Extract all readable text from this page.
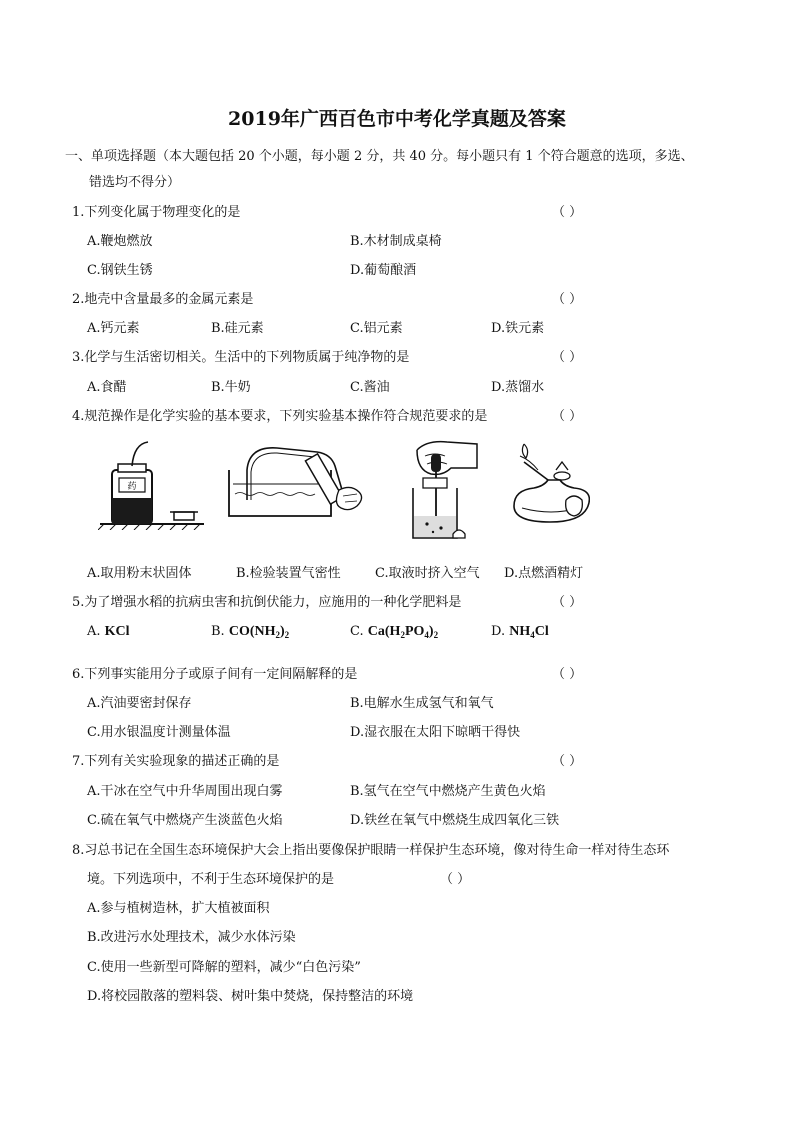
2019年广西百色市中考化学真题及答案
一、单项选择题（本大题包括 20 个小题，每小题 2 分，共 40 分。每小题只有 1 个符合题意的选项，多选、
错选均不得分）
1.下列变化属于物理变化的是	（ ）
A.鞭炮燃放	B.木材制成桌椅
C.钢铁生锈	D.葡萄酿酒
2.地壳中含量最多的金属元素是	（ ）
A.钙元素	B.硅元素	C.铝元素	D.铁元素
3.化学与生活密切相关。生活中的下列物质属于纯净物的是	（ ）
A.食醋	B.牛奶	C.酱油	D.蒸馏水
4.规范操作是化学实验的基本要求，下列实验基本操作符合规范要求的是	（ ）
药
A.取用粉末状固体	B.检验装置气密性	C.取液时挤入空气 D.点燃酒精灯
5.为了增强水稻的抗病虫害和抗倒伏能力，应施用的一种化学肥料是	（ ）
A. KCl	B. $CO(NH_2)_2$	C. $Ca(H_2PO_4)_2$	D. $NH_4Cl$
6.下列事实能用分子或原子间有一定间隔解释的是	（ ）
A.汽油要密封保存	B.电解水生成氢气和氧气
C.用水银温度计测量体温	D.湿衣服在太阳下晾晒干得快
7.下列有关实验现象的描述正确的是	（ ）
A.干冰在空气中升华周围出现白雾	B.氢气在空气中燃烧产生黄色火焰
C.硫在氧气中燃烧产生淡蓝色火焰	D.铁丝在氧气中燃烧生成四氧化三铁
8.习总书记在全国生态环境保护大会上指出要像保护眼睛一样保护生态环境，像对待生命一样对待生态环
境。下列选项中，不利于生态环境保护的是	（ ）
A.参与植树造林，扩大植被面积
B.改进污水处理技术，减少水体污染
C.使用一些新型可降解的塑料，减少“白色污染”
D.将校园散落的塑料袋、树叶集中焚烧，保持整洁的环境
